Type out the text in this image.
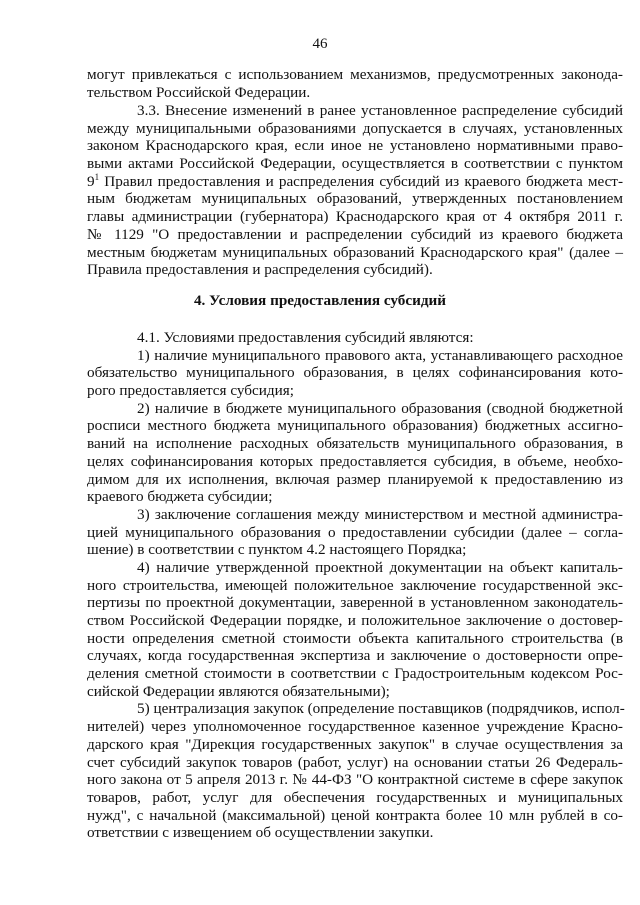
46
могут привлекаться с использованием механизмов, предусмотренных законода-
тельством Российской Федерации.
3.3. Внесение изменений в ранее установленное распределение субсидий
между муниципальными образованиями допускается в случаях, установленных
законом Краснодарского края, если иное не установлено нормативными право-
выми актами Российской Федерации, осуществляется в соответствии с пунктом
$9^1$ Правил предоставления и распределения субсидий из краевого бюджета мест-
ным бюджетам муниципальных образований, утвержденных постановлением
главы администрации (губернатора) Краснодарского края от 4 октября 2011 г.
№ 1129 "О предоставлении и распределении субсидий из краевого бюджета
местным бюджетам муниципальных образований Краснодарского края" (далее –
Правила предоставления и распределения субсидий).
4. Условия предоставления субсидий
4.1. Условиями предоставления субсидий являются:
1) наличие муниципального правового акта, устанавливающего расходное
обязательство муниципального образования, в целях софинансирования кото-
рого предоставляется субсидия;
2) наличие в бюджете муниципального образования (сводной бюджетной
росписи местного бюджета муниципального образования) бюджетных ассигно-
ваний на исполнение расходных обязательств муниципального образования, в
целях софинансирования которых предоставляется субсидия, в объеме, необхо-
димом для их исполнения, включая размер планируемой к предоставлению из
краевого бюджета субсидии;
3) заключение соглашения между министерством и местной администра-
цией муниципального образования о предоставлении субсидии (далее – согла-
шение) в соответствии с пунктом 4.2 настоящего Порядка;
4) наличие утвержденной проектной документации на объект капиталь-
ного строительства, имеющей положительное заключение государственной экс-
пертизы по проектной документации, заверенной в установленном законодатель-
ством Российской Федерации порядке, и положительное заключение о достовер-
ности определения сметной стоимости объекта капитального строительства (в
случаях, когда государственная экспертиза и заключение о достоверности опре-
деления сметной стоимости в соответствии с Градостроительным кодексом Рос-
сийской Федерации являются обязательными);
5) централизация закупок (определение поставщиков (подрядчиков, испол-
нителей) через уполномоченное государственное казенное учреждение Красно-
дарского края "Дирекция государственных закупок" в случае осуществления за
счет субсидий закупок товаров (работ, услуг) на основании статьи 26 Федераль-
ного закона от 5 апреля 2013 г. № 44-ФЗ "О контрактной системе в сфере закупок
товаров, работ, услуг для обеспечения государственных и муниципальных
нужд", с начальной (максимальной) ценой контракта более 10 млн рублей в со-
ответствии с извещением об осуществлении закупки.
